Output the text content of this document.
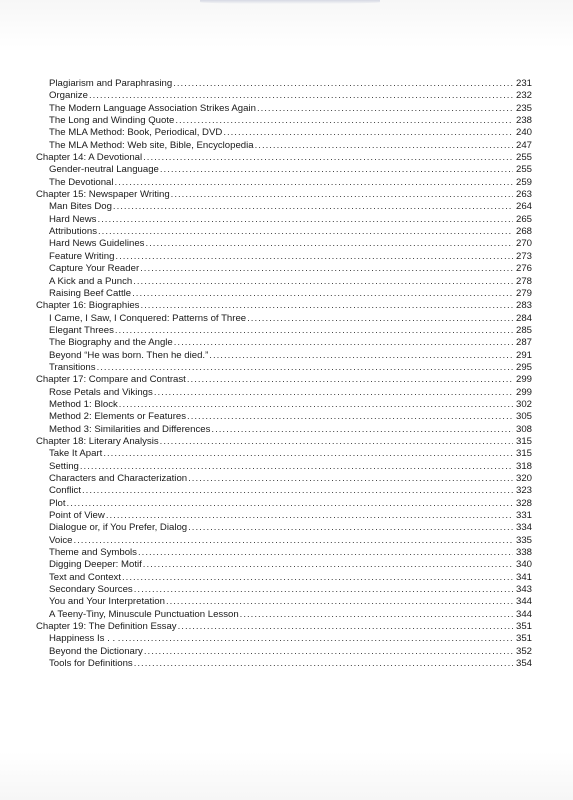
Plagiarism and Paraphrasing .....	231
Organize .....	232
The Modern Language Association Strikes Again .....	235
The Long and Winding Quote .....	238
The MLA Method: Book, Periodical, DVD .....	240
The MLA Method: Web site, Bible, Encyclopedia .....	247
Chapter 14: A Devotional .....	255
Gender-neutral Language .....	255
The Devotional .....	259
Chapter 15: Newspaper Writing .....	263
Man Bites Dog .....	264
Hard News .....	265
Attributions .....	268
Hard News Guidelines .....	270
Feature Writing .....	273
Capture Your Reader .....	276
A Kick and a Punch .....	278
Raising Beef Cattle .....	279
Chapter 16: Biographies .....	283
I Came, I Saw, I Conquered: Patterns of Three .....	284
Elegant Threes .....	285
The Biography and the Angle .....	287
Beyond “He was born. Then he died.” .....	291
Transitions .....	295
Chapter 17: Compare and Contrast .....	299
Rose Petals and Vikings .....	299
Method 1: Block .....	302
Method 2: Elements or Features .....	305
Method 3: Similarities and Differences .....	308
Chapter 18: Literary Analysis .....	315
Take It Apart .....	315
Setting .....	318
Characters and Characterization .....	320
Conflict .....	323
Plot .....	328
Point of View .....	331
Dialogue or, if You Prefer, Dialog .....	334
Voice .....	335
Theme and Symbols .....	338
Digging Deeper: Motif .....	340
Text and Context .....	341
Secondary Sources .....	343
You and Your Interpretation .....	344
A Teeny-Tiny, Minuscule Punctuation Lesson .....	344
Chapter 19: The Definition Essay .....	351
Happiness Is . . . .....	351
Beyond the Dictionary .....	352
Tools for Definitions .....	354
